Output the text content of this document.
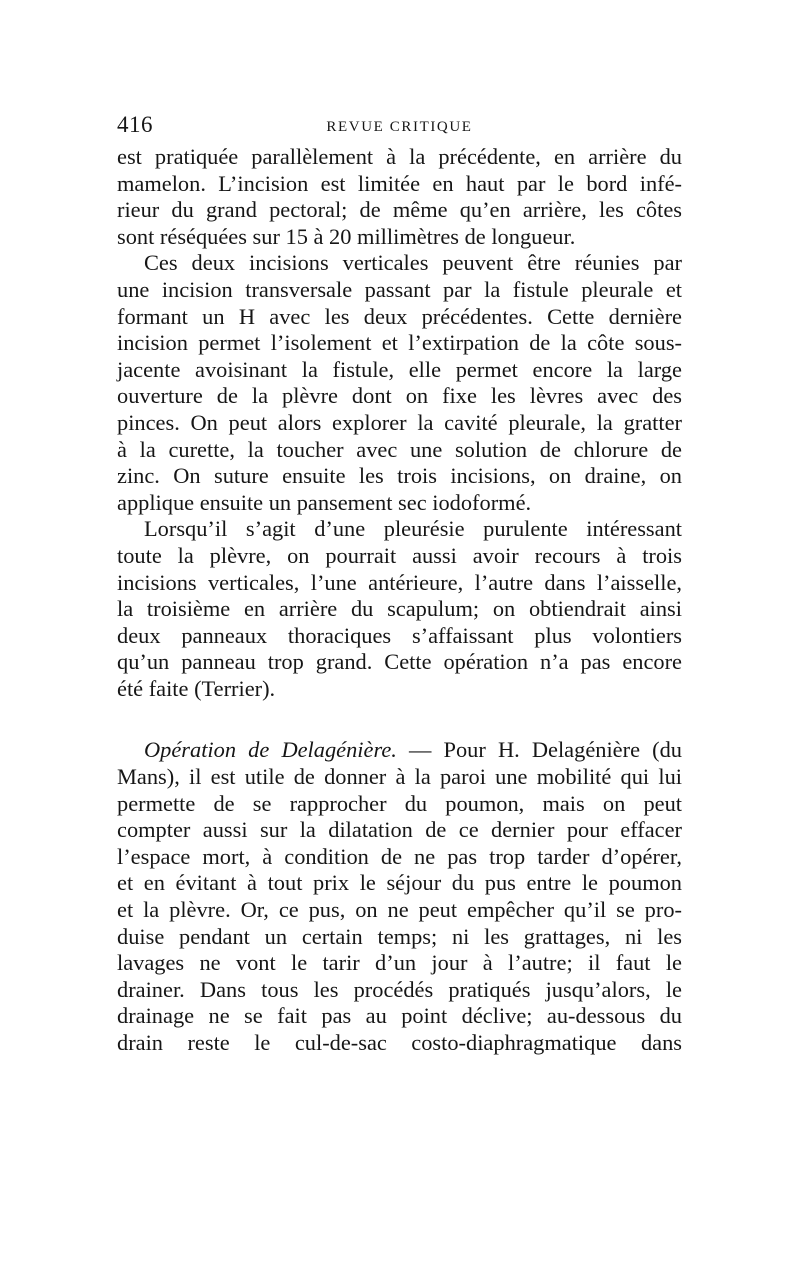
416	REVUE CRITIQUE
est pratiquée parallèlement à la précédente, en arrière du
mamelon. L’incision est limitée en haut par le bord infé-
rieur du grand pectoral; de même qu’en arrière, les côtes
sont réséquées sur 15 à 20 millimètres de longueur.
Ces deux incisions verticales peuvent être réunies par
une incision transversale passant par la fistule pleurale et
formant un H avec les deux précédentes. Cette dernière
incision permet l’isolement et l’extirpation de la côte sous-
jacente avoisinant la fistule, elle permet encore la large
ouverture de la plèvre dont on fixe les lèvres avec des
pinces. On peut alors explorer la cavité pleurale, la gratter
à la curette, la toucher avec une solution de chlorure de
zinc. On suture ensuite les trois incisions, on draine, on
applique ensuite un pansement sec iodoformé.
Lorsqu’il s’agit d’une pleurésie purulente intéressant
toute la plèvre, on pourrait aussi avoir recours à trois
incisions verticales, l’une antérieure, l’autre dans l’aisselle,
la troisième en arrière du scapulum; on obtiendrait ainsi
deux panneaux thoraciques s’affaissant plus volontiers
qu’un panneau trop grand. Cette opération n’a pas encore
été faite (Terrier).
Opération de Delagénière. — Pour H. Delagénière (du
Mans), il est utile de donner à la paroi une mobilité qui lui
permette de se rapprocher du poumon, mais on peut
compter aussi sur la dilatation de ce dernier pour effacer
l’espace mort, à condition de ne pas trop tarder d’opérer,
et en évitant à tout prix le séjour du pus entre le poumon
et la plèvre. Or, ce pus, on ne peut empêcher qu’il se pro-
duise pendant un certain temps; ni les grattages, ni les
lavages ne vont le tarir d’un jour à l’autre; il faut le
drainer. Dans tous les procédés pratiqués jusqu’alors, le
drainage ne se fait pas au point déclive; au-dessous du
drain reste le cul-de-sac costo-diaphragmatique dans
